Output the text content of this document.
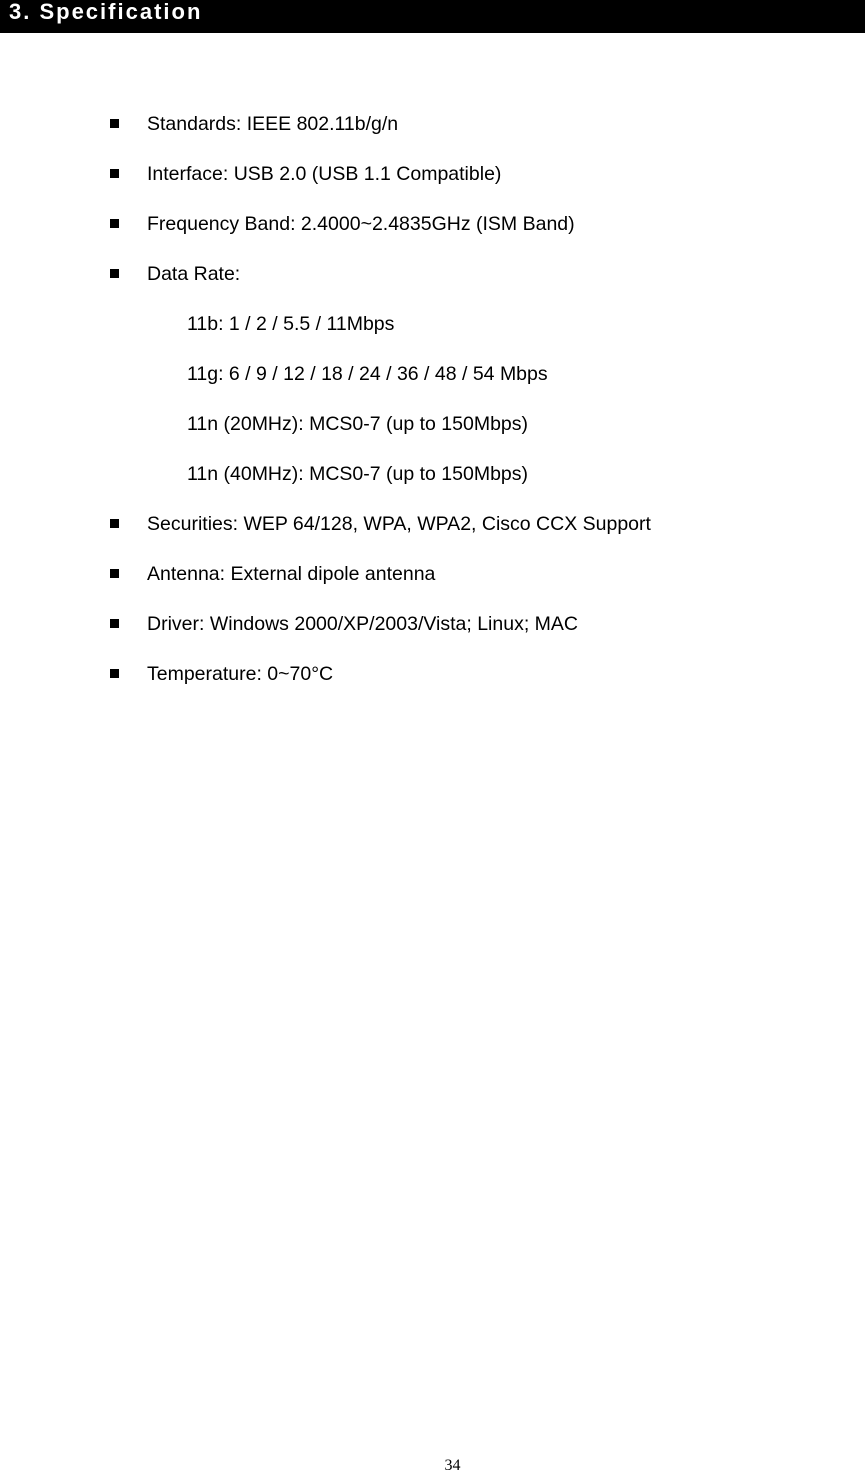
3. Specification
Standards: IEEE 802.11b/g/n
Interface: USB 2.0 (USB 1.1 Compatible)
Frequency Band: 2.4000~2.4835GHz (ISM Band)
Data Rate:
11b: 1 / 2 / 5.5 / 11Mbps
11g: 6 / 9 / 12 / 18 / 24 / 36 / 48 / 54 Mbps
11n (20MHz): MCS0-7 (up to 150Mbps)
11n (40MHz): MCS0-7 (up to 150Mbps)
Securities: WEP 64/128, WPA, WPA2, Cisco CCX Support
Antenna: External dipole antenna
Driver: Windows 2000/XP/2003/Vista; Linux; MAC
Temperature: 0~70°C
34
